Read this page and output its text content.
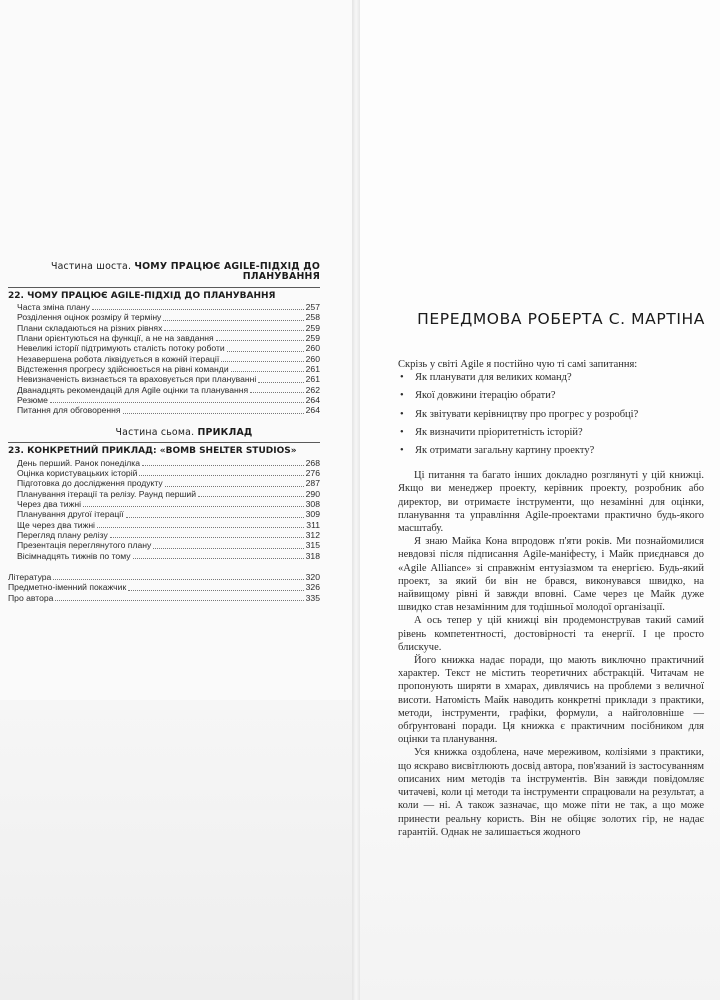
Частина шоста. ЧОМУ ПРАЦЮЄ AGILE-ПІДХІД ДО ПЛАНУВАННЯ
22. ЧОМУ ПРАЦЮЄ AGILE-ПІДХІД ДО ПЛАНУВАННЯ
Часта зміна плану	257
Розділення оцінок розміру й терміну	258
Плани складаються на різних рівнях	259
Плани орієнтуються на функції, а не на завдання	259
Невеликі історії підтримують сталість потоку роботи	260
Незавершена робота ліквідується в кожній ітерації	260
Відстеження прогресу здійснюється на рівні команди	261
Невизначеність визнається та враховується при плануванні	261
Дванадцять рекомендацій для Agile оцінки та планування	262
Резюме	264
Питання для обговорення	264
Частина сьома. ПРИКЛАД
23. КОНКРЕТНИЙ ПРИКЛАД: «BOMB SHELTER STUDIOS»
День перший. Ранок понеділка	268
Оцінка користувацьких історій	276
Підготовка до дослідження продукту	287
Планування ітерації та релізу. Раунд перший	290
Через два тижні	308
Планування другої ітерації	309
Ще через два тижні	311
Перегляд плану релізу	312
Презентація переглянутого плану	315
Вісімнадцять тижнів по тому	318
Література	320
Предметно-іменний покажчик	326
Про автора	335
ПЕРЕДМОВА РОБЕРТА С. МАРТІНА

Скрізь у світі Agile я постійно чую ті самі запитання:

• Як планувати для великих команд?
• Якої довжини ітерацію обрати?
• Як звітувати керівництву про прогрес у розробці?
• Як визначити пріоритетність історій?
• Як отримати загальну картину проекту?

Ці питання та багато інших докладно розглянуті у цій книжці. Якщо ви менеджер проекту, керівник проекту, розробник або директор, ви отримаєте інструменти, що незамінні для оцінки, планування та управління Agile-проектами практично будь-якого масштабу.

Я знаю Майка Кона впродовж п'яти років. Ми познайомилися невдовзі після підписання Agile-маніфесту, і Майк приєднався до «Agile Alliance» зі справжнім ентузіазмом та енергією. Будь-який проект, за який би він не брався, виконувався швидко, на найвищому рівні й завжди вповні. Саме через це Майк дуже швидко став незамінним для тодішньої молодої організації.

А ось тепер у цій книжці він продемонстрував такий самий рівень компетентності, достовірності та енергії. І це просто блискуче.

Його книжка надає поради, що мають виключно практичний характер. Текст не містить теоретичних абстракцій. Читачам не пропонують ширяти в хмарах, дивлячись на проблеми з величної висоти. Натомість Майк наводить конкретні приклади з практики, методи, інструменти, графіки, формули, а найголовніше — обґрунтовані поради. Ця книжка є практичним посібником для оцінки та планування.

Уся книжка оздоблена, наче мереживом, колізіями з практики, що яскраво висвітлюють досвід автора, пов'язаний із застосуванням описаних ним методів та інструментів. Він завжди повідомляє читачеві, коли ці методи та інструменти спрацювали на результат, а коли — ні. А також зазначає, що може піти не так, а що може принести реальну користь. Він не обіцяє золотих гір, не надає гарантій. Однак не залишається жодного
